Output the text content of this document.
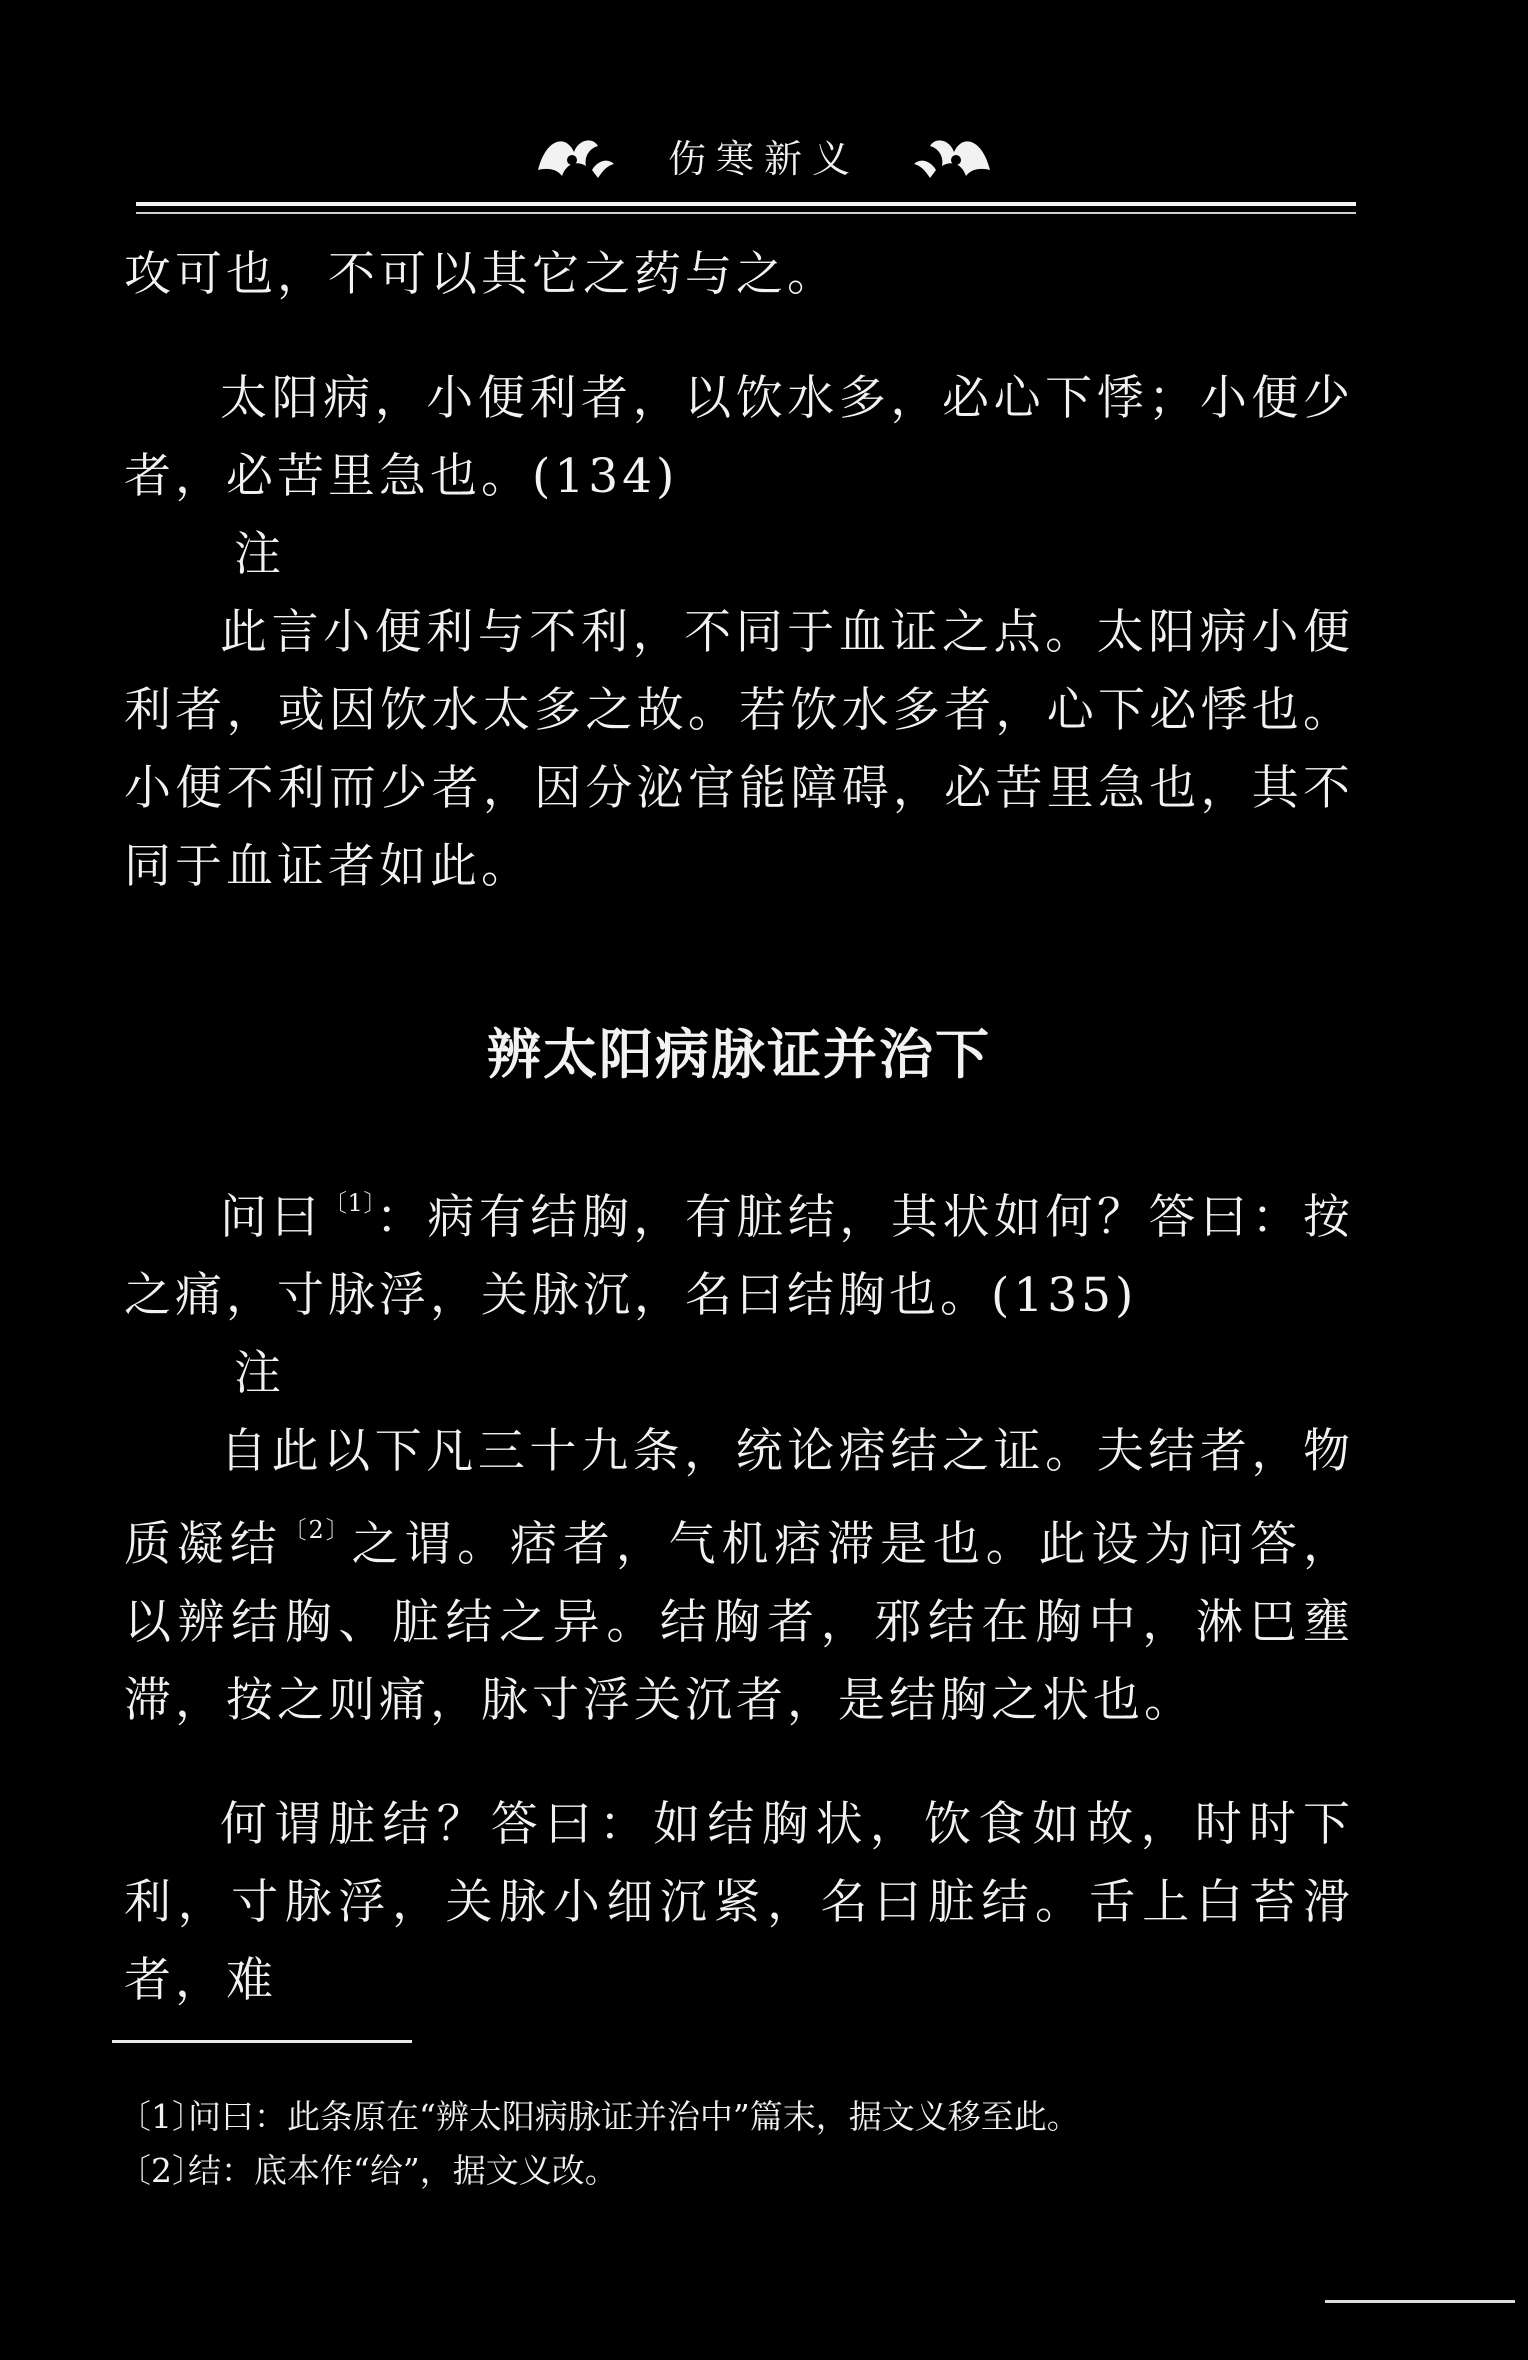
伤寒新义

攻可也，不可以其它之药与之。

太阳病，小便利者，以饮水多，必心下悸；小便少者，必苦里急也。(134)

注

此言小便利与不利，不同于血证之点。太阳病小便利者，或因饮水太多之故。若饮水多者，心下必悸也。小便不利而少者，因分泌官能障碍，必苦里急也，其不同于血证者如此。

辨太阳病脉证并治下

问曰$^{〔1〕}$：病有结胸，有脏结，其状如何？答曰：按之痛，寸脉浮，关脉沉，名曰结胸也。(135)

注

自此以下凡三十九条，统论痞结之证。夫结者，物质凝结$^{〔2〕}$之谓。痞者，气机痞滞是也。此设为问答，以辨结胸、脏结之异。结胸者，邪结在胸中，淋巴壅滞，按之则痛，脉寸浮关沉者，是结胸之状也。

何谓脏结？答曰：如结胸状，饮食如故，时时下利，寸脉浮，关脉小细沉紧，名曰脏结。舌上白苔滑者，难

〔1〕问曰：此条原在“辨太阳病脉证并治中”篇末，据文义移至此。
〔2〕结：底本作“给”，据文义改。
